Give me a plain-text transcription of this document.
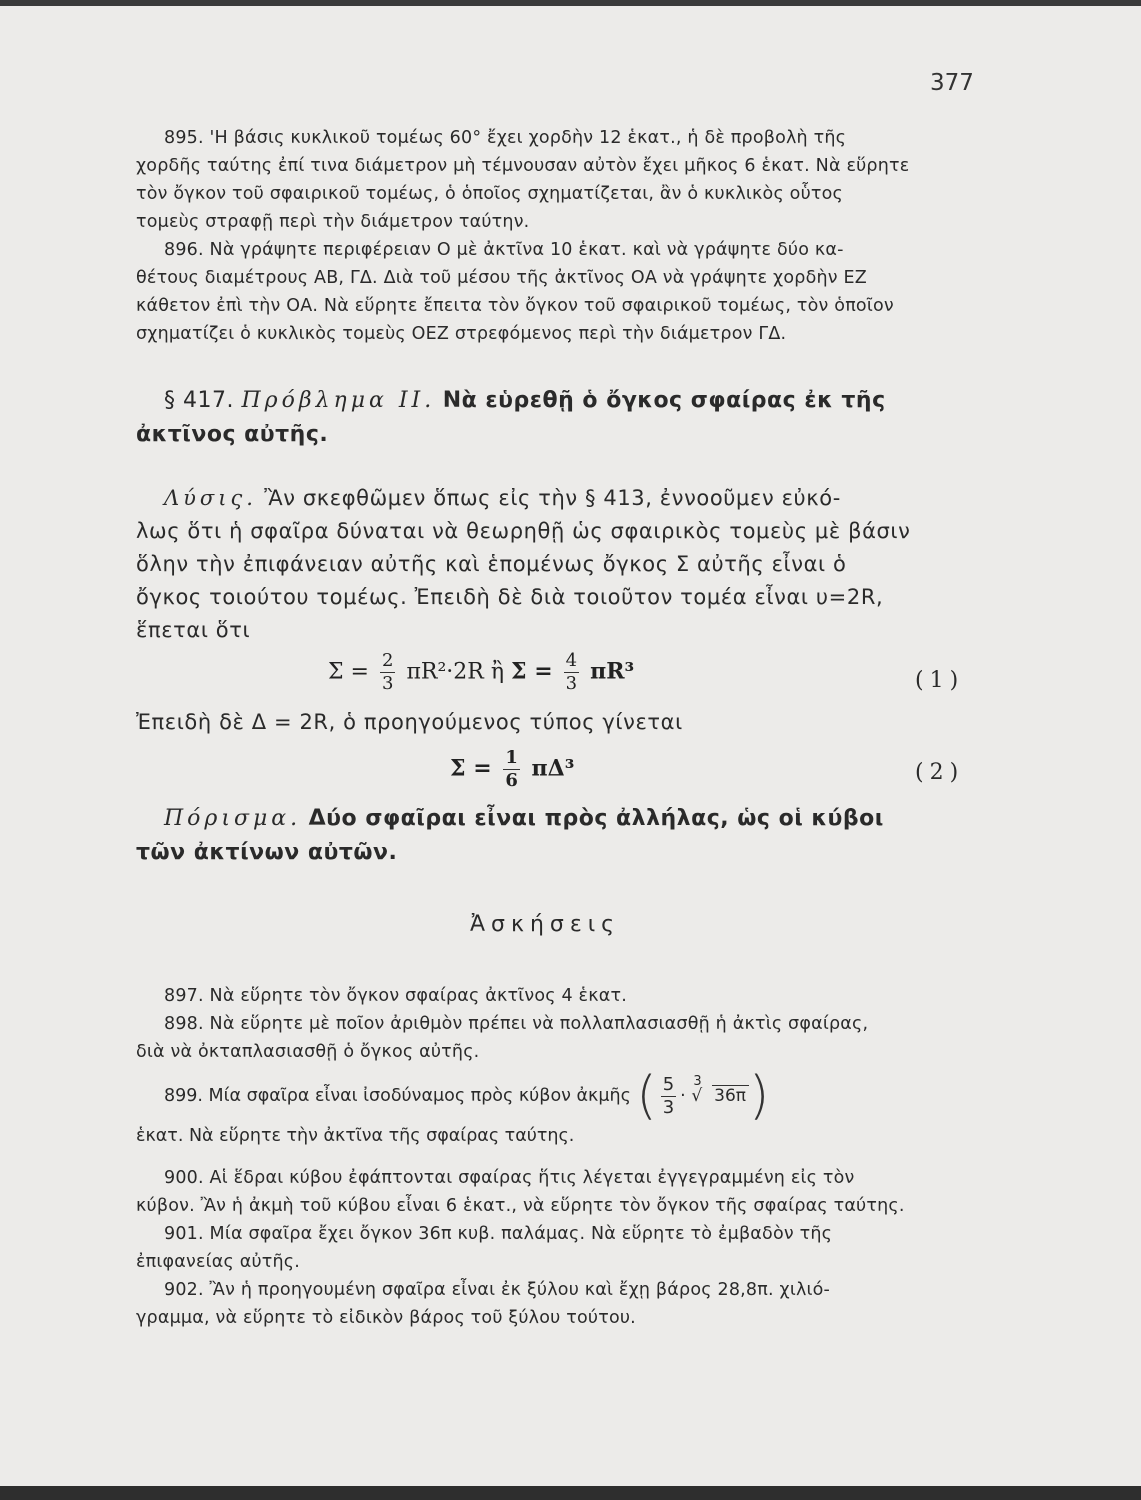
377

895. 'Η βάσις κυκλικοῦ τομέως 60° ἔχει χορδὴν 12 ἑκατ., ἡ δὲ προβολὴ τῆς

χορδῆς ταύτης ἐπί τινα διάμετρον μὴ τέμνουσαν αὐτὸν ἔχει μῆκος 6 ἑκατ. Νὰ εὕρητε

τὸν ὄγκον τοῦ σφαιρικοῦ τομέως, ὁ ὁποῖος σχηματίζεται, ἂν ὁ κυκλικὸς οὗτος

τομεὺς στραφῇ περὶ τὴν διάμετρον ταύτην.

896. Νὰ γράψητε περιφέρειαν Ο μὲ ἀκτῖνα 10 ἑκατ. καὶ νὰ γράψητε δύο κα-

θέτους διαμέτρους ΑΒ, ΓΔ. Διὰ τοῦ μέσου τῆς ἀκτῖνος ΟΑ νὰ γράψητε χορδὴν ΕΖ

κάθετον ἐπὶ τὴν ΟΑ. Νὰ εὕρητε ἔπειτα τὸν ὄγκον τοῦ σφαιρικοῦ τομέως, τὸν ὁποῖον

σχηματίζει ὁ κυκλικὸς τομεὺς ΟΕΖ στρεφόμενος περὶ τὴν διάμετρον ΓΔ.

§ 417. Πρόβλημα ΙΙ. Νὰ εὑρεθῇ ὁ ὄγκος σφαίρας ἐκ τῆς

ἀκτῖνος αὐτῆς.

Λύσις. Ἂν σκεφθῶμεν ὅπως εἰς τὴν § 413, ἐννοοῦμεν εὐκό-

λως ὅτι ἡ σφαῖρα δύναται νὰ θεωρηθῇ ὡς σφαιρικὸς τομεὺς μὲ βάσιν

ὅλην τὴν ἐπιφάνειαν αὐτῆς καὶ ἑπομένως ὄγκος Σ αὐτῆς εἶναι ὁ

ὄγκος τοιούτου τομέως. Ἐπειδὴ δὲ διὰ τοιοῦτον τομέα εἶναι υ=2R,

ἕπεται ὅτι

$\Sigma = \frac{2}{3} \pi R^2\cdot 2R$ ἢ $\Sigma = \frac{4}{3} \pi R^3$	(1)

Ἐπειδὴ δὲ Δ = 2R, ὁ προηγούμενος τύπος γίνεται

$\Sigma = \frac{1}{6} \pi\Delta^3$	(2)

Πόρισμα. Δύο σφαῖραι εἶναι πρὸς ἀλλήλας, ὡς οἱ κύβοι

τῶν ἀκτίνων αὐτῶν.

Ἀσκήσεις

897. Νὰ εὕρητε τὸν ὄγκον σφαίρας ἀκτῖνος 4 ἑκατ.

898. Νὰ εὕρητε μὲ ποῖον ἀριθμὸν πρέπει νὰ πολλαπλασιασθῇ ἡ ἀκτὶς σφαίρας,

διὰ νὰ ὀκταπλασιασθῇ ὁ ὄγκος αὐτῆς.

899. Μία σφαῖρα εἶναι ἰσοδύναμος πρὸς κύβον ἀκμῆς ( $\frac{5}{3}$ ·
3
√ 36π)

ἑκατ. Νὰ εὕρητε τὴν ἀκτῖνα τῆς σφαίρας ταύτης.

900. Αἱ ἕδραι κύβου ἐφάπτονται σφαίρας ἥτις λέγεται ἐγγεγραμμένη εἰς τὸν

κύβον. Ἂν ἡ ἀκμὴ τοῦ κύβου εἶναι 6 ἑκατ., νὰ εὕρητε τὸν ὄγκον τῆς σφαίρας ταύτης.

901. Μία σφαῖρα ἔχει ὄγκον 36π κυβ. παλάμας. Νὰ εὕρητε τὸ ἐμβαδὸν τῆς

ἐπιφανείας αὐτῆς.

902. Ἂν ἡ προηγουμένη σφαῖρα εἶναι ἐκ ξύλου καὶ ἔχῃ βάρος 28,8π. χιλιό-

γραμμα, νὰ εὕρητε τὸ εἰδικὸν βάρος τοῦ ξύλου τούτου.
